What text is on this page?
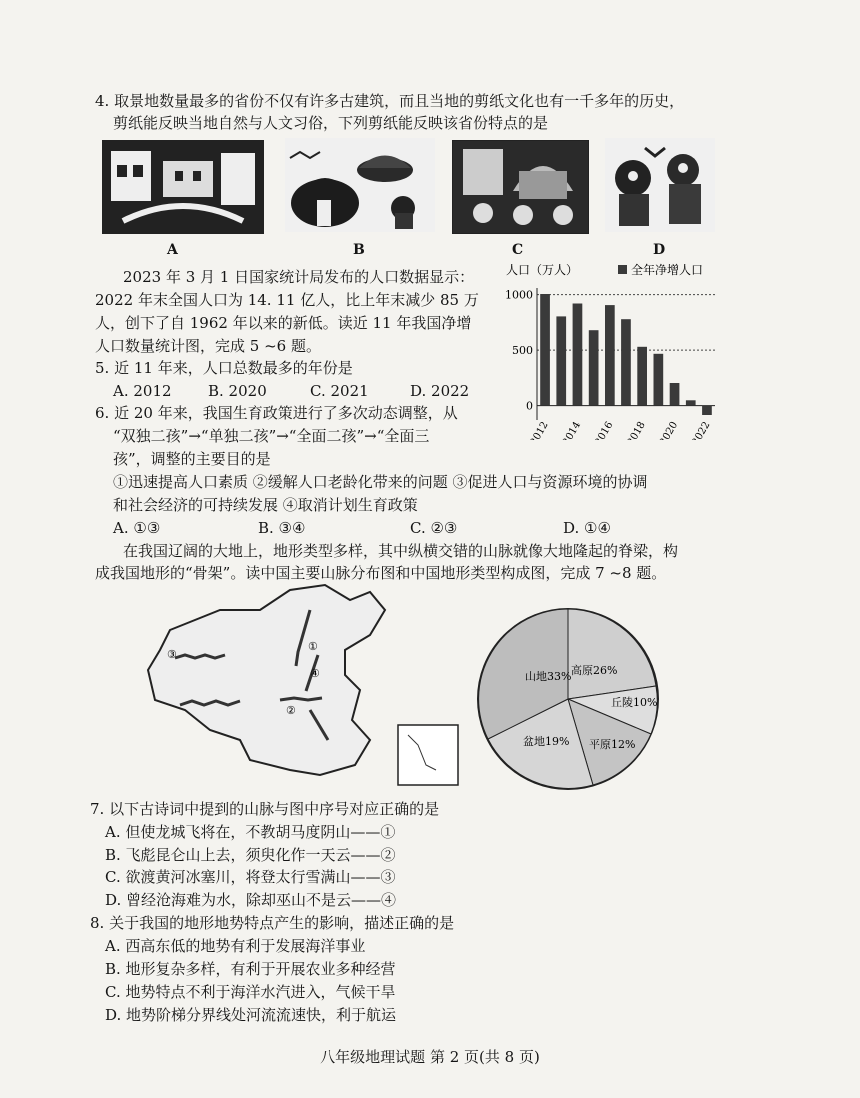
4. 取景地数量最多的省份不仅有许多古建筑，而且当地的剪纸文化也有一千多年的历史，
剪纸能反映当地自然与人文习俗，下列剪纸能反映该省份特点的是
A	B	C	D
2023 年 3 月 1 日国家统计局发布的人口数据显示：
2022 年末全国人口为 14. 11 亿人，比上年末减少 85 万
人，创下了自 1962 年以来的新低。读近 11 年我国净增
人口数量统计图，完成 5 ~6 题。
5. 近 11 年来，人口总数最多的年份是
A. 2012 B. 2020	C. 2021	D. 2022
6. 近 20 年来，我国生育政策进行了多次动态调整，从
“双独二孩”→“单独二孩”→“全面二孩”→“全面三
孩”，调整的主要目的是
①迅速提高人口素质 ②缓解人口老龄化带来的问题 ③促进人口与资源环境的协调
和社会经济的可持续发展 ④取消计划生育政策
A. ①③	B. ③④	C. ②③	D. ①④
在我国辽阔的大地上，地形类型多样，其中纵横交错的山脉就像大地隆起的脊梁，构
成我国地形的“骨架”。读中国主要山脉分布图和中国地形类型构成图，完成 7 ~8 题。
人口（万人）	全年净增人口
0
500
1000
2012 2014 2016 2018 2020 2022
③
②
①
④	高原26%
山地33%
丘陵10%
盆地19% 平原12%
7. 以下古诗词中提到的山脉与图中序号对应正确的是
A. 但使龙城飞将在，不教胡马度阴山——①
B. 飞彪昆仑山上去，须臾化作一天云——②
C. 欲渡黄河冰塞川，将登太行雪满山——③
D. 曾经沧海难为水，除却巫山不是云——④
8. 关于我国的地形地势特点产生的影响，描述正确的是
A. 西高东低的地势有利于发展海洋事业
B. 地形复杂多样，有利于开展农业多种经营
C. 地势特点不利于海洋水汽进入，气候干旱
D. 地势阶梯分界线处河流流速快，利于航运
八年级地理试题 第 2 页(共 8 页)
